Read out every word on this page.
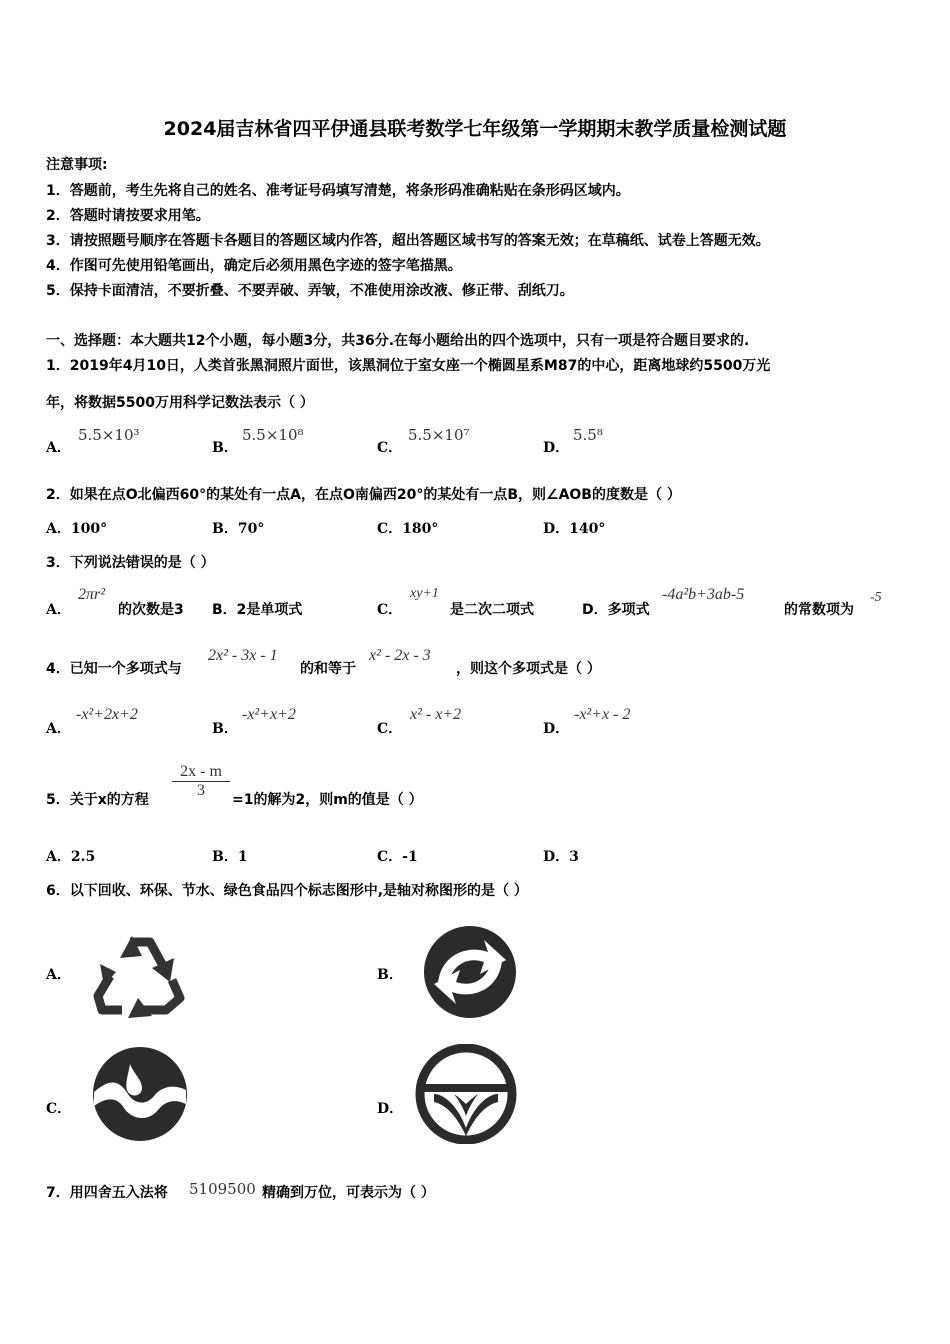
2024届吉林省四平伊通县联考数学七年级第一学期期末教学质量检测试题
注意事项:
1．答题前，考生先将自己的姓名、准考证号码填写清楚，将条形码准确粘贴在条形码区域内。
2．答题时请按要求用笔。
3．请按照题号顺序在答题卡各题目的答题区域内作答，超出答题区域书写的答案无效；在草稿纸、试卷上答题无效。
4．作图可先使用铅笔画出，确定后必须用黑色字迹的签字笔描黑。
5．保持卡面清洁，不要折叠、不要弄破、弄皱，不准使用涂改液、修正带、刮纸刀。
一、选择题：本大题共12个小题，每小题3分，共36分.在每小题给出的四个选项中，只有一项是符合题目要求的.
1．2019年4月10日，人类首张黑洞照片面世，该黑洞位于室女座一个椭圆星系M87的中心，距离地球约5500万光
年，将数据5500万用科学记数法表示（ ）
A．
5.5×10³
B．
5.5×10⁸
C．
5.5×10⁷
D．
5.5⁸
2．如果在点O北偏西60°的某处有一点A，在点O南偏西20°的某处有一点B，则∠AOB的度数是（ ）
A．100°	B．70°	C．180°	D．140°
3．下列说法错误的是（ ）
A．
2πr²
的次数是3 B．2是单项式	C．
xy+1
是二次二项式	D．多项式
-4a²b+3ab-5
的常数项为
-5
4．已知一个多项式与
2x² - 3x - 1
的和等于
x² - 2x - 3
，则这个多项式是（ ）
A．
-x²+2x+2
B．
-x²+x+2
C．
x² - x+2
D．
-x²+x - 2
5．关于x的方程
2x - m
3
=1的解为2，则m的值是（ ）
A．2.5	B．1	C．-1	D．3
6．以下回收、环保、节水、绿色食品四个标志图形中,是轴对称图形的是（ ）
A．	B．
C．	D．
7．用四舍五入法将 5109500 精确到万位，可表示为（ ）
